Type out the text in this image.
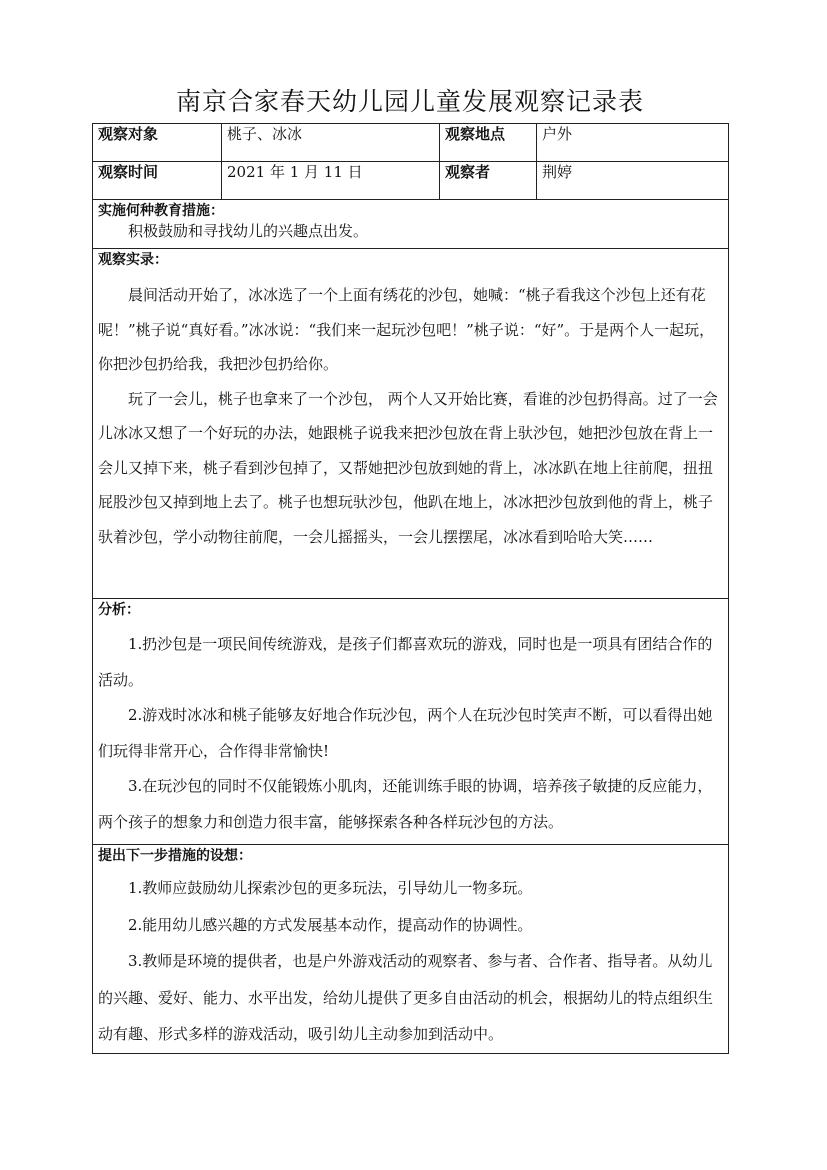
南京合家春天幼儿园儿童发展观察记录表
观察对象	桃子、冰冰	观察地点	户外
观察时间	2021 年 1 月 11 日	观察者	荆婷

实施何种教育措施：

积极鼓励和寻找幼儿的兴趣点出发。			

观察实录：

晨间活动开始了，冰冰选了一个上面有绣花的沙包，她喊：“桃子看我这个沙包上还有花呢！”桃子说“真好看。”冰冰说：“我们来一起玩沙包吧！”桃子说：“好”。于是两个人一起玩，你把沙包扔给我，我把沙包扔给你。

玩了一会儿，桃子也拿来了一个沙包， 两个人又开始比赛，看谁的沙包扔得高。过了一会儿冰冰又想了一个好玩的办法，她跟桃子说我来把沙包放在背上驮沙包，她把沙包放在背上一会儿又掉下来，桃子看到沙包掉了，又帮她把沙包放到她的背上，冰冰趴在地上往前爬，扭扭屁股沙包又掉到地上去了。桃子也想玩驮沙包，他趴在地上，冰冰把沙包放到他的背上，桃子驮着沙包，学小动物往前爬，一会儿摇摇头，一会儿摆摆尾，冰冰看到哈哈大笑……			

分析：

1.扔沙包是一项民间传统游戏，是孩子们都喜欢玩的游戏，同时也是一项具有团结合作的活动。

2.游戏时冰冰和桃子能够友好地合作玩沙包，两个人在玩沙包时笑声不断，可以看得出她们玩得非常开心，合作得非常愉快!

3.在玩沙包的同时不仅能锻炼小肌肉，还能训练手眼的协调，培养孩子敏捷的反应能力，两个孩子的想象力和创造力很丰富，能够探索各种各样玩沙包的方法。			

提出下一步措施的设想：

1.教师应鼓励幼儿探索沙包的更多玩法，引导幼儿一物多玩。

2.能用幼儿感兴趣的方式发展基本动作，提高动作的协调性。

3.教师是环境的提供者，也是户外游戏活动的观察者、参与者、合作者、指导者。从幼儿的兴趣、爱好、能力、水平出发，给幼儿提供了更多自由活动的机会，根据幼儿的特点组织生动有趣、形式多样的游戏活动，吸引幼儿主动参加到活动中。			
